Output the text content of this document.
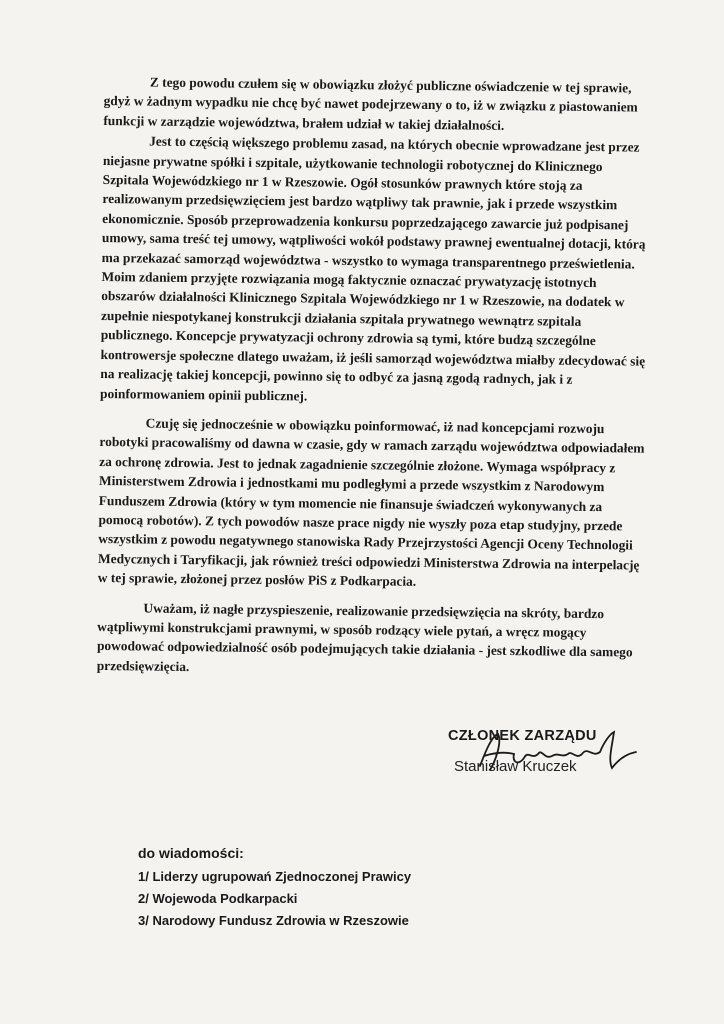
Z tego powodu czułem się w obowiązku złożyć publiczne oświadczenie w tej sprawie, gdyż w żadnym wypadku nie chcę być nawet podejrzewany o to, iż w związku z piastowaniem funkcji w zarządzie województwa, brałem udział w takiej działalności.

Jest to częścią większego problemu zasad, na których obecnie wprowadzane jest przez niejasne prywatne spółki i szpitale, użytkowanie technologii robotycznej do Klinicznego Szpitala Wojewódzkiego nr 1 w Rzeszowie. Ogół stosunków prawnych które stoją za realizowanym przedsięwzięciem jest bardzo wątpliwy tak prawnie, jak i przede wszystkim ekonomicznie. Sposób przeprowadzenia konkursu poprzedzającego zawarcie już podpisanej umowy, sama treść tej umowy, wątpliwości wokół podstawy prawnej ewentualnej dotacji, którą ma przekazać samorząd województwa - wszystko to wymaga transparentnego prześwietlenia. Moim zdaniem przyjęte rozwiązania mogą faktycznie oznaczać prywatyzację istotnych obszarów działalności Klinicznego Szpitala Wojewódzkiego nr 1 w Rzeszowie, na dodatek w zupełnie niespotykanej konstrukcji działania szpitala prywatnego wewnątrz szpitala publicznego. Koncepcje prywatyzacji ochrony zdrowia są tymi, które budzą szczególne kontrowersje społeczne dlatego uważam, iż jeśli samorząd województwa miałby zdecydować się na realizację takiej koncepcji, powinno się to odbyć za jasną zgodą radnych, jak i z poinformowaniem opinii publicznej.

Czuję się jednocześnie w obowiązku poinformować, iż nad koncepcjami rozwoju robotyki pracowaliśmy od dawna w czasie, gdy w ramach zarządu województwa odpowiadałem za ochronę zdrowia. Jest to jednak zagadnienie szczególnie złożone. Wymaga współpracy z Ministerstwem Zdrowia i jednostkami mu podległymi a przede wszystkim z Narodowym Funduszem Zdrowia (który w tym momencie nie finansuje świadczeń wykonywanych za pomocą robotów). Z tych powodów nasze prace nigdy nie wyszły poza etap studyjny, przede wszystkim z powodu negatywnego stanowiska Rady Przejrzystości Agencji Oceny Technologii Medycznych i Taryfikacji, jak również treści odpowiedzi Ministerstwa Zdrowia na interpelację w tej sprawie, złożonej przez posłów PiS z Podkarpacia.

Uważam, iż nagłe przyspieszenie, realizowanie przedsięwzięcia na skróty, bardzo wątpliwymi konstrukcjami prawnymi, w sposób rodzący wiele pytań, a wręcz mogący powodować odpowiedzialność osób podejmujących takie działania - jest szkodliwe dla samego przedsięwzięcia.

CZŁONEK ZARZĄDU
Stanisław Kruczek
do wiadomości:
1/ Liderzy ugrupowań Zjednoczonej Prawicy
2/ Wojewoda Podkarpacki
3/ Narodowy Fundusz Zdrowia w Rzeszowie
